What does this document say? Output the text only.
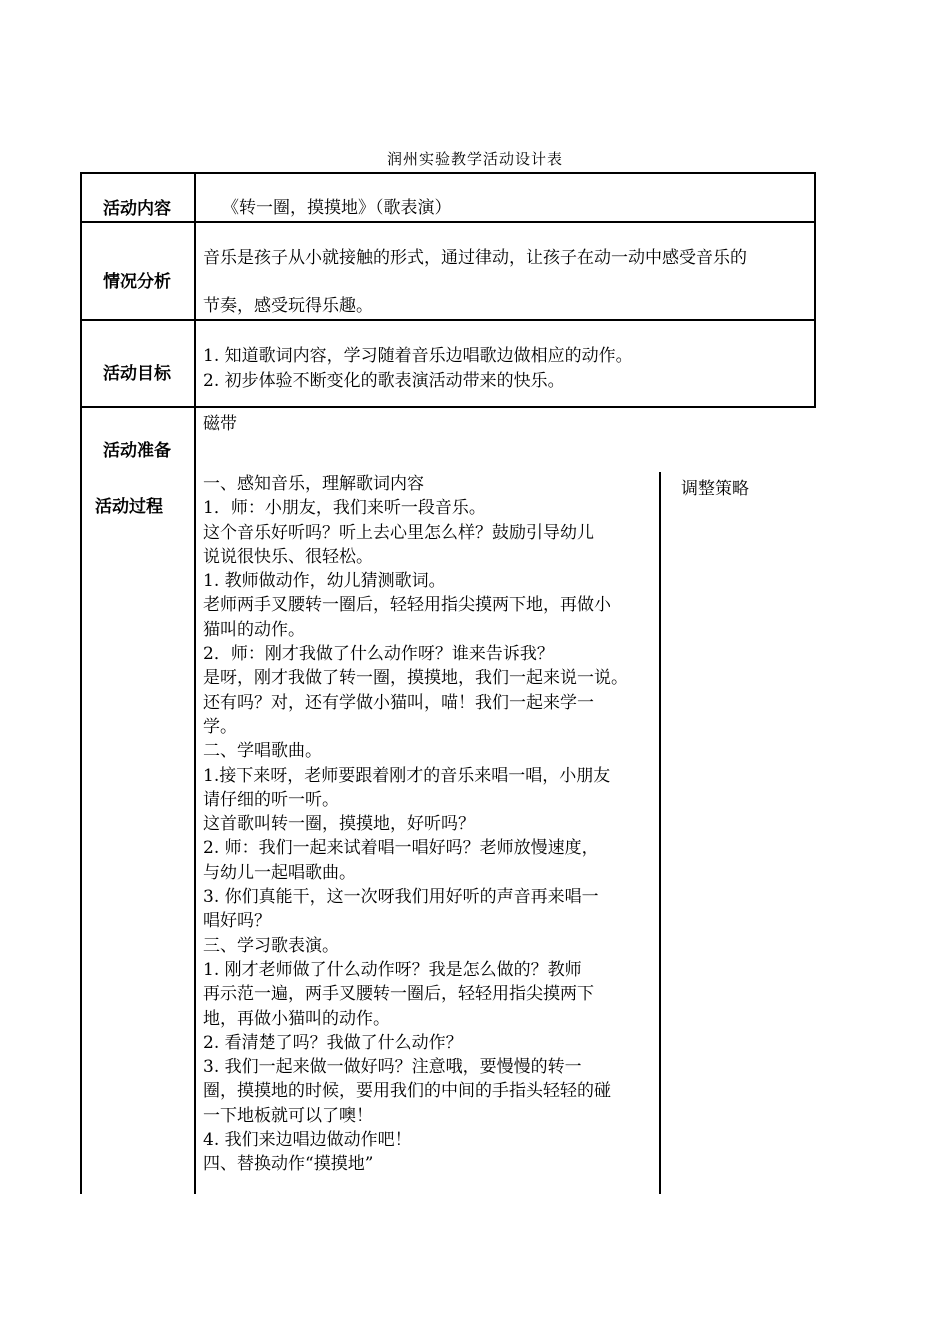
润州实验教学活动设计表
活动内容	《转一圈，摸摸地》（歌表演）
情况分析
音乐是孩子从小就接触的形式，通过律动，让孩子在动一动中感受音乐的
节奏，感受玩得乐趣。
活动目标
1. 知道歌词内容，学习随着音乐边唱歌边做相应的动作。
2. 初步体验不断变化的歌表演活动带来的快乐。
活动准备
磁带
活动过程
调整策略
一、感知音乐，理解歌词内容
1．师：小朋友，我们来听一段音乐。
这个音乐好听吗？听上去心里怎么样？鼓励引导幼儿
说说很快乐、很轻松。
1. 教师做动作，幼儿猜测歌词。
老师两手叉腰转一圈后，轻轻用指尖摸两下地，再做小
猫叫的动作。
2．师：刚才我做了什么动作呀？谁来告诉我？
是呀，刚才我做了转一圈，摸摸地，我们一起来说一说。
还有吗？对，还有学做小猫叫，喵！我们一起来学一
学。
二、学唱歌曲。
1.接下来呀，老师要跟着刚才的音乐来唱一唱，小朋友
请仔细的听一听。
这首歌叫转一圈，摸摸地，好听吗？
2. 师：我们一起来试着唱一唱好吗？老师放慢速度，
与幼儿一起唱歌曲。
3. 你们真能干，这一次呀我们用好听的声音再来唱一
唱好吗？
三、学习歌表演。
1. 刚才老师做了什么动作呀？我是怎么做的？教师
再示范一遍，两手叉腰转一圈后，轻轻用指尖摸两下
地，再做小猫叫的动作。
2. 看清楚了吗？我做了什么动作？
3. 我们一起来做一做好吗？注意哦，要慢慢的转一
圈，摸摸地的时候，要用我们的中间的手指头轻轻的碰
一下地板就可以了噢！
4. 我们来边唱边做动作吧！
四、替换动作“摸摸地”
